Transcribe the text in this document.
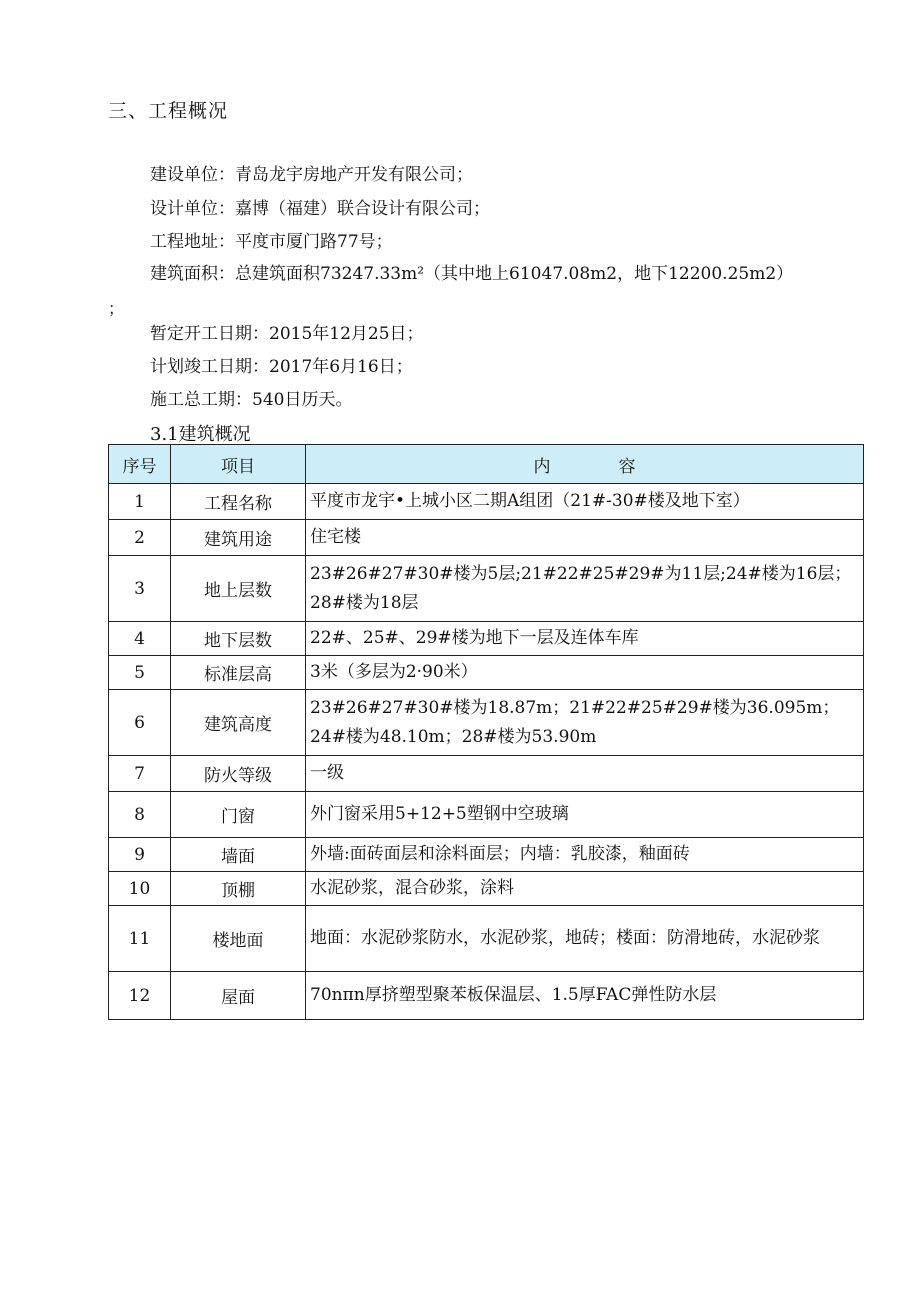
三、工程概况
建设单位：青岛龙宇房地产开发有限公司；
设计单位：嘉博（福建）联合设计有限公司；
工程地址：平度市厦门路77号；
建筑面积：总建筑面积73247.33m²（其中地上61047.08m2，地下12200.25m2）
；
暂定开工日期：2015年12月25日；
计划竣工日期：2017年6月16日；
施工总工期：540日历天。
3.1建筑概况
序号	项目	内　　　　容
1	工程名称	平度市龙宇•上城小区二期A组团（21#-30#楼及地下室）
2	建筑用途	住宅楼
3	地上层数	23#26#27#30#楼为5层;21#22#25#29#为11层;24#楼为16层；28#楼为18层
4	地下层数	22#、25#、29#楼为地下一层及连体车库
5	标准层高	3米（多层为2·90米）
6	建筑高度	23#26#27#30#楼为18.87m；21#22#25#29#楼为36.095m；24#楼为48.10m；28#楼为53.90m
7	防火等级	一级
8	门窗	外门窗采用5+12+5塑钢中空玻璃
9	墙面	外墙:面砖面层和涂料面层；内墙：乳胶漆，釉面砖
10	顶棚	水泥砂浆，混合砂浆，涂料
11	楼地面	地面：水泥砂浆防水，水泥砂浆，地砖；楼面：防滑地砖，水泥砂浆
12	屋面	70nπn厚挤塑型聚苯板保温层、1.5厚FAC弹性防水层
